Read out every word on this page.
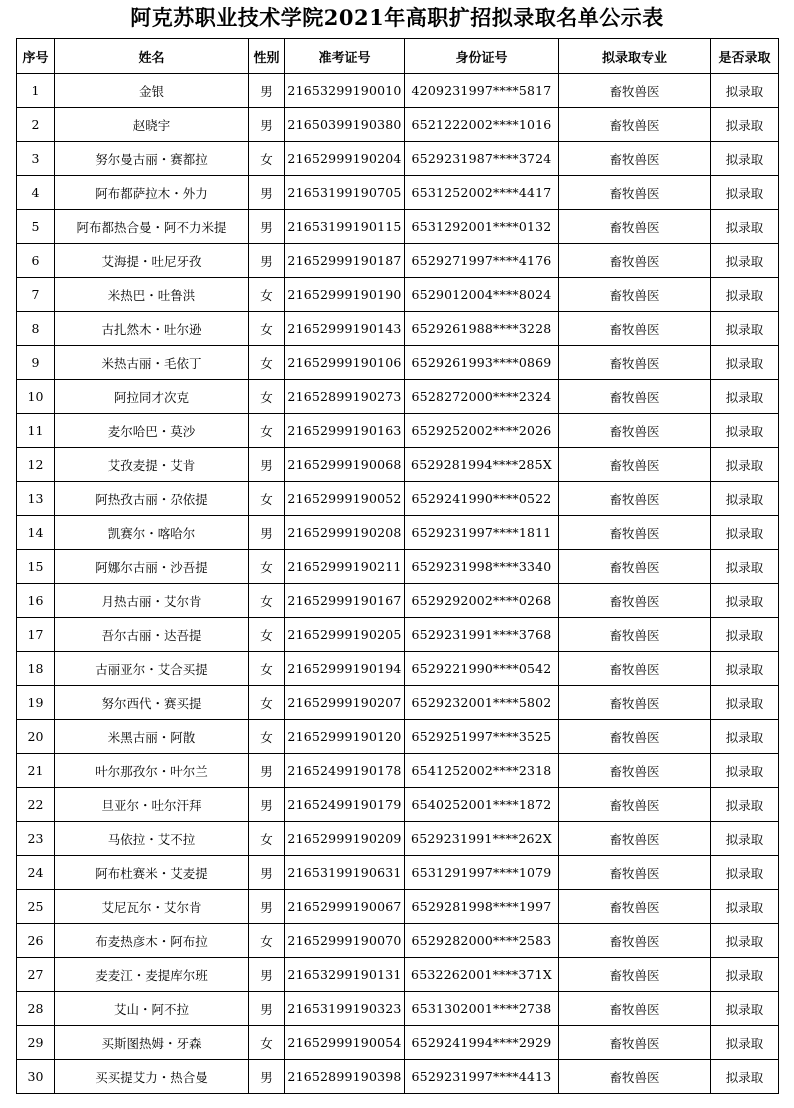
阿克苏职业技术学院2021年高职扩招拟录取名单公示表
序号	姓名	性别	准考证号	身份证号	拟录取专业	是否录取
1	金银	男	21653299190010	4209231997****5817	畜牧兽医	拟录取
2	赵晓宇	男	21650399190380	6521222002****1016	畜牧兽医	拟录取
3	努尔曼古丽・赛都拉	女	21652999190204	6529231987****3724	畜牧兽医	拟录取
4	阿布都萨拉木・外力	男	21653199190705	6531252002****4417	畜牧兽医	拟录取
5	阿布都热合曼・阿不力米提	男	21653199190115	6531292001****0132	畜牧兽医	拟录取
6	艾海提・吐尼牙孜	男	21652999190187	6529271997****4176	畜牧兽医	拟录取
7	米热巴・吐鲁洪	女	21652999190190	6529012004****8024	畜牧兽医	拟录取
8	古扎然木・吐尔逊	女	21652999190143	6529261988****3228	畜牧兽医	拟录取
9	米热古丽・毛依丁	女	21652999190106	6529261993****0869	畜牧兽医	拟录取
10	阿拉同才次克	女	21652899190273	6528272000****2324	畜牧兽医	拟录取
11	麦尔哈巴・莫沙	女	21652999190163	6529252002****2026	畜牧兽医	拟录取
12	艾孜麦提・艾肯	男	21652999190068	6529281994****285X	畜牧兽医	拟录取
13	阿热孜古丽・尕依提	女	21652999190052	6529241990****0522	畜牧兽医	拟录取
14	凯赛尔・喀哈尔	男	21652999190208	6529231997****1811	畜牧兽医	拟录取
15	阿娜尔古丽・沙吾提	女	21652999190211	6529231998****3340	畜牧兽医	拟录取
16	月热古丽・艾尔肯	女	21652999190167	6529292002****0268	畜牧兽医	拟录取
17	吾尔古丽・达吾提	女	21652999190205	6529231991****3768	畜牧兽医	拟录取
18	古丽亚尔・艾合买提	女	21652999190194	6529221990****0542	畜牧兽医	拟录取
19	努尔西代・赛买提	女	21652999190207	6529232001****5802	畜牧兽医	拟录取
20	米黑古丽・阿散	女	21652999190120	6529251997****3525	畜牧兽医	拟录取
21	叶尔那孜尔・叶尔兰	男	21652499190178	6541252002****2318	畜牧兽医	拟录取
22	旦亚尔・吐尔汗拜	男	21652499190179	6540252001****1872	畜牧兽医	拟录取
23	马依拉・艾不拉	女	21652999190209	6529231991****262X	畜牧兽医	拟录取
24	阿布杜赛米・艾麦提	男	21653199190631	6531291997****1079	畜牧兽医	拟录取
25	艾尼瓦尔・艾尔肯	男	21652999190067	6529281998****1997	畜牧兽医	拟录取
26	布麦热彦木・阿布拉	女	21652999190070	6529282000****2583	畜牧兽医	拟录取
27	麦麦江・麦提库尔班	男	21653299190131	6532262001****371X	畜牧兽医	拟录取
28	艾山・阿不拉	男	21653199190323	6531302001****2738	畜牧兽医	拟录取
29	买斯图热姆・牙森	女	21652999190054	6529241994****2929	畜牧兽医	拟录取
30	买买提艾力・热合曼	男	21652899190398	6529231997****4413	畜牧兽医	拟录取
